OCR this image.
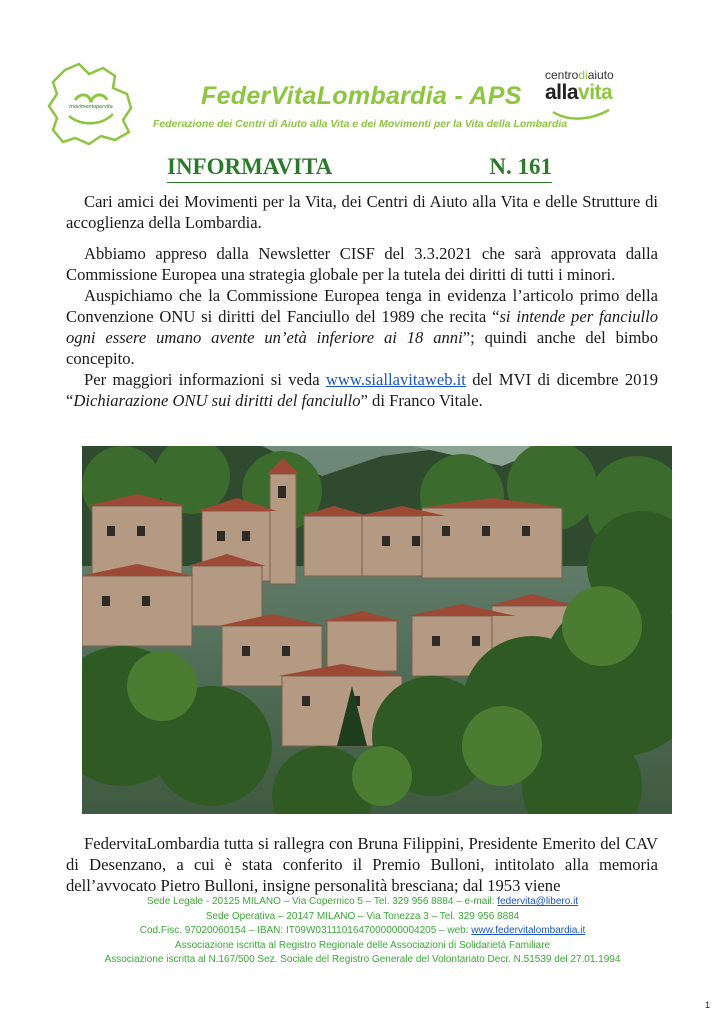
movimentopervita	FederVitaLombardia - APS
Federazione dei Centri di Aiuto alla Vita e dei Movimenti per la Vita della Lombardia
centrodiaiuto
allavita
INFORMAVITA	N. 161

Cari amici dei Movimenti per la Vita, dei Centri di Aiuto alla Vita e delle Strutture di accoglienza della Lombardia.

Abbiamo appreso dalla Newsletter CISF del 3.3.2021 che sarà approvata dalla Commissione Europea una strategia globale per la tutela dei diritti di tutti i minori.

Auspichiamo che la Commissione Europea tenga in evidenza l’articolo primo della Convenzione ONU si diritti del Fanciullo del 1989 che recita “si intende per fanciullo ogni essere umano avente un’età inferiore ai 18 anni”; quindi anche del bimbo concepito.

Per maggiori informazioni si veda www.siallavitaweb.it del MVI di dicembre 2019 “Dichiarazione ONU sui diritti del fanciullo” di Franco Vitale.

FedervitaLombardia tutta si rallegra con Bruna Filippini, Presidente Emerito del CAV di Desenzano, a cui è stata conferito il Premio Bulloni, intitolato alla memoria dell’avvocato Pietro Bulloni, insigne personalità bresciana; dal 1953 viene

Sede Legale - 20125 MILANO – Via Copernico 5 – Tel. 329 956 8884 – e-mail: federvita@libero.it
Sede Operativa – 20147 MILANO – Via Tonezza 3 – Tel. 329 956 8884
Cod.Fisc. 97020060154 – IBAN: IT09W0311101647000000004205 – web: www.federvitalombardia.it
Associazione iscritta al Registro Regionale delle Associazioni di Solidarietà Familiare
Associazione iscritta al N.167/500 Sez. Sociale del Registro Generale del Volontariato Decr. N.51539 del 27.01.1994
1
